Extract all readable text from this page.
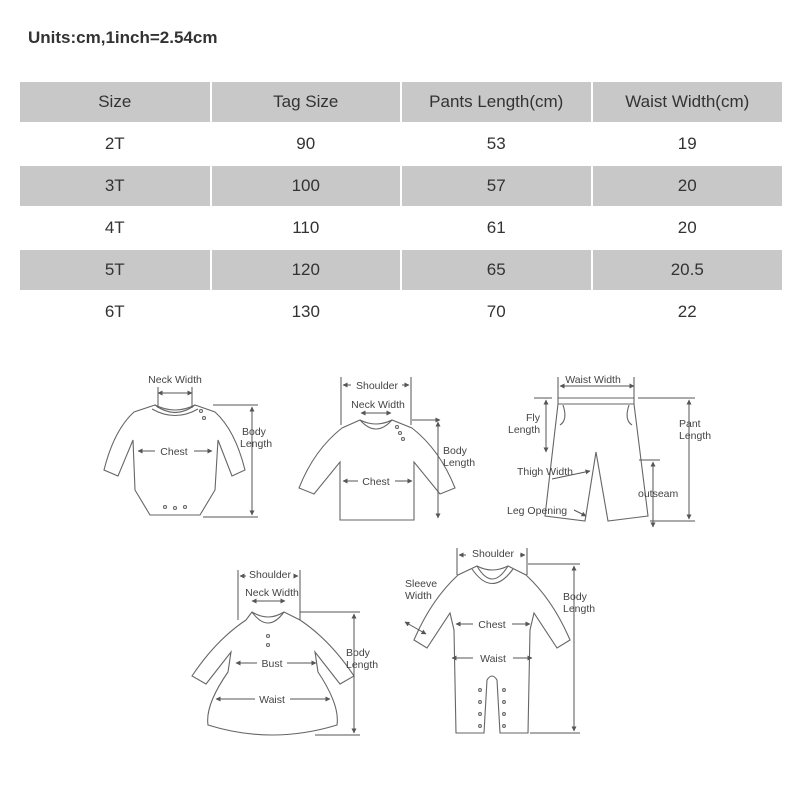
Units:cm,1inch=2.54cm
Size	Tag Size	Pants Length(cm)	Waist Width(cm)
2T	90	53	19
3T	100	57	20
4T	110	61	20
5T	120	65	20.5
6T	130	70	22
Neck Width
Chest
Body
Length
Shoulder
Neck Width
Chest
Body
Length
Waist Width
Fly
Length
Thigh Width
Leg Opening
Pant
Length
outseam
Shoulder
Neck Width
Bust
Waist
Body
Length
Shoulder
Sleeve
Width
Chest
Waist
Body
Length
